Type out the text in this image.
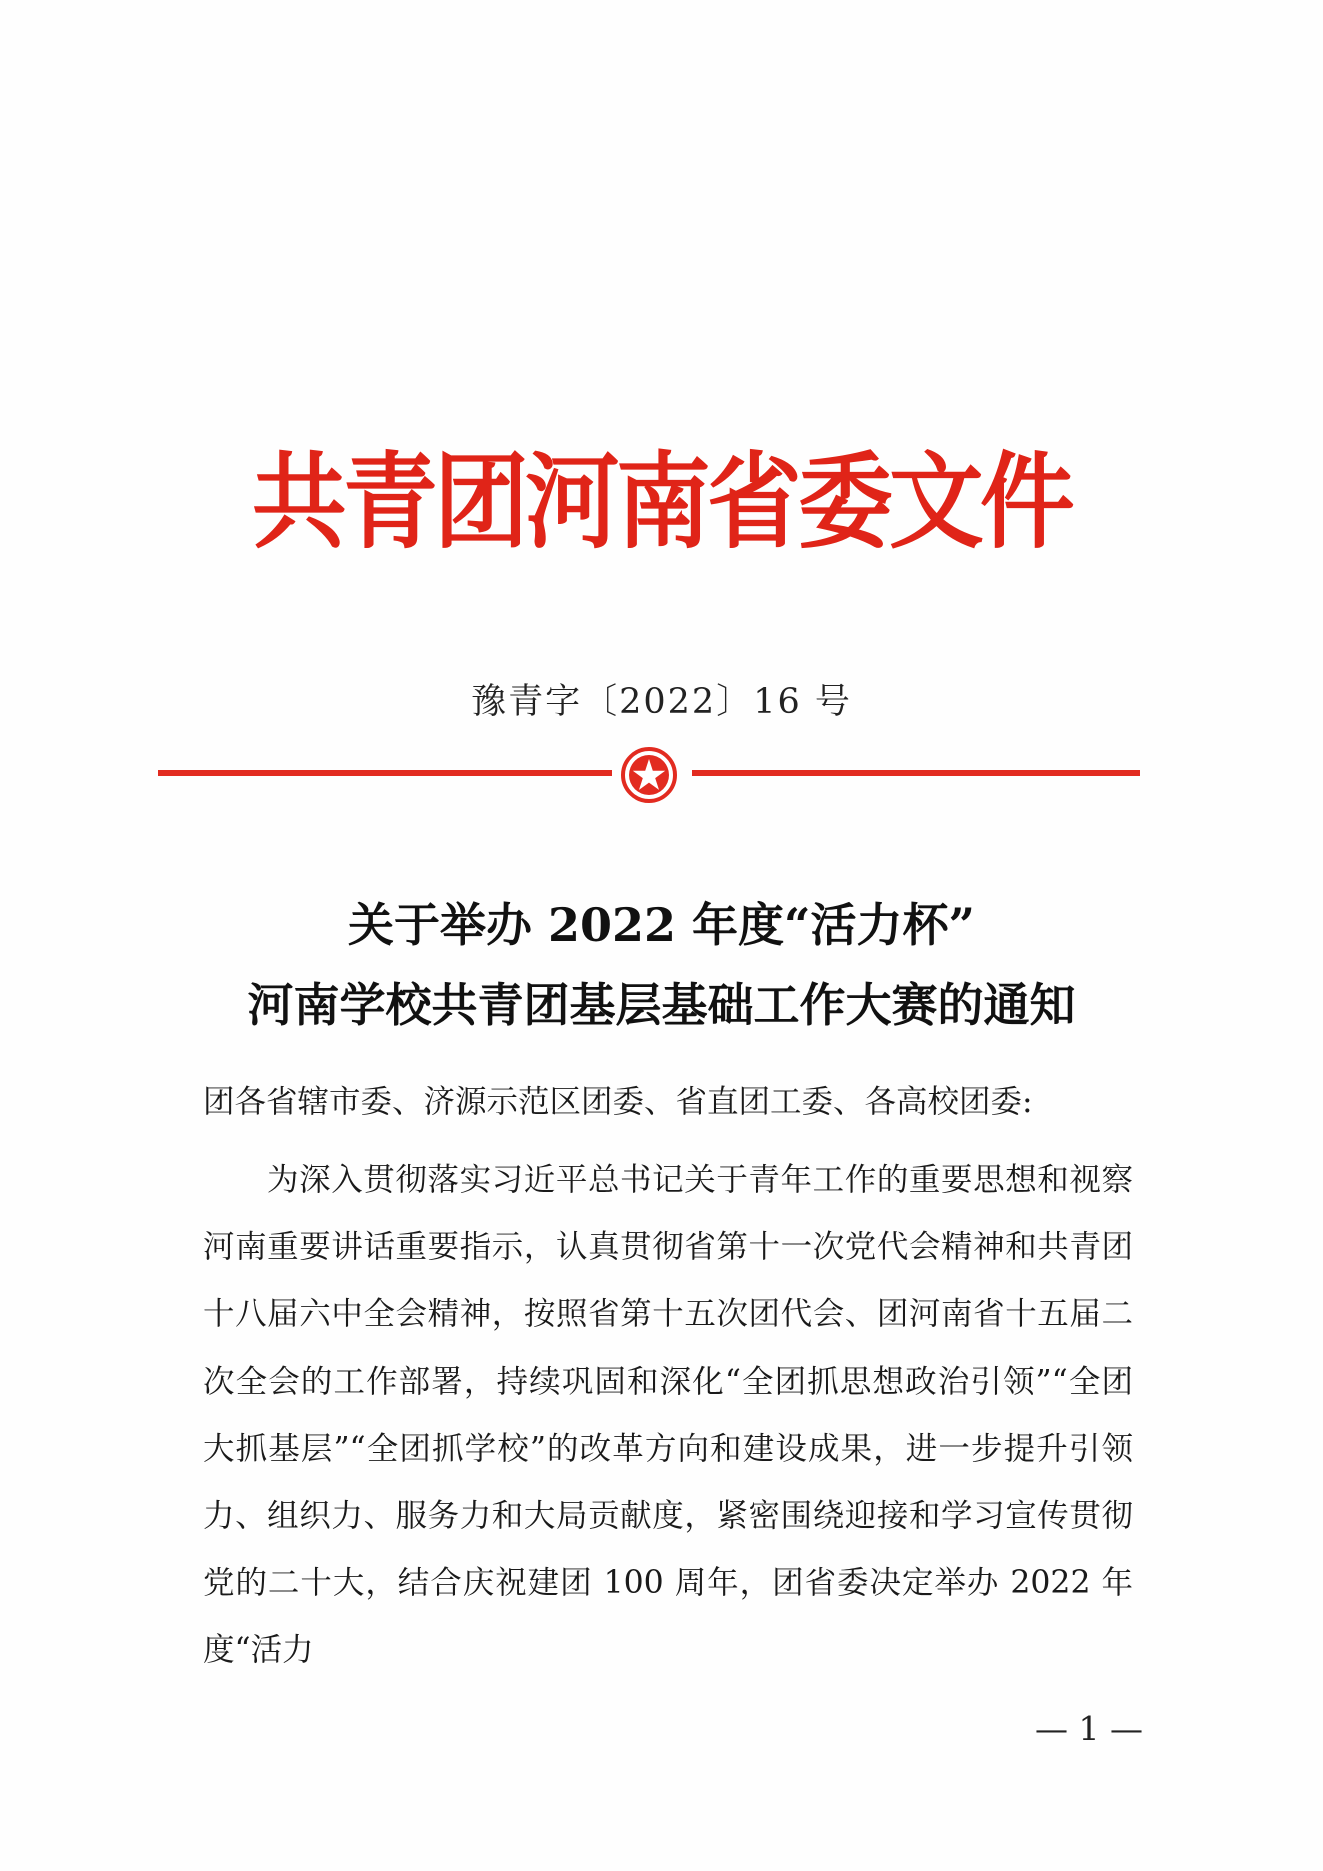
共青团河南省委文件
豫青字〔2022〕16 号
关于举办 2022 年度“活力杯”
河南学校共青团基层基础工作大赛的通知
团各省辖市委、济源示范区团委、省直团工委、各高校团委:
为深入贯彻落实习近平总书记关于青年工作的重要思想和视察河南重要讲话重要指示，认真贯彻省第十一次党代会精神和共青团十八届六中全会精神，按照省第十五次团代会、团河南省十五届二次全会的工作部署，持续巩固和深化“全团抓思想政治引领”“全团大抓基层”“全团抓学校”的改革方向和建设成果，进一步提升引领力、组织力、服务力和大局贡献度，紧密围绕迎接和学习宣传贯彻党的二十大，结合庆祝建团 100 周年，团省委决定举办 2022 年度“活力
— 1 —
